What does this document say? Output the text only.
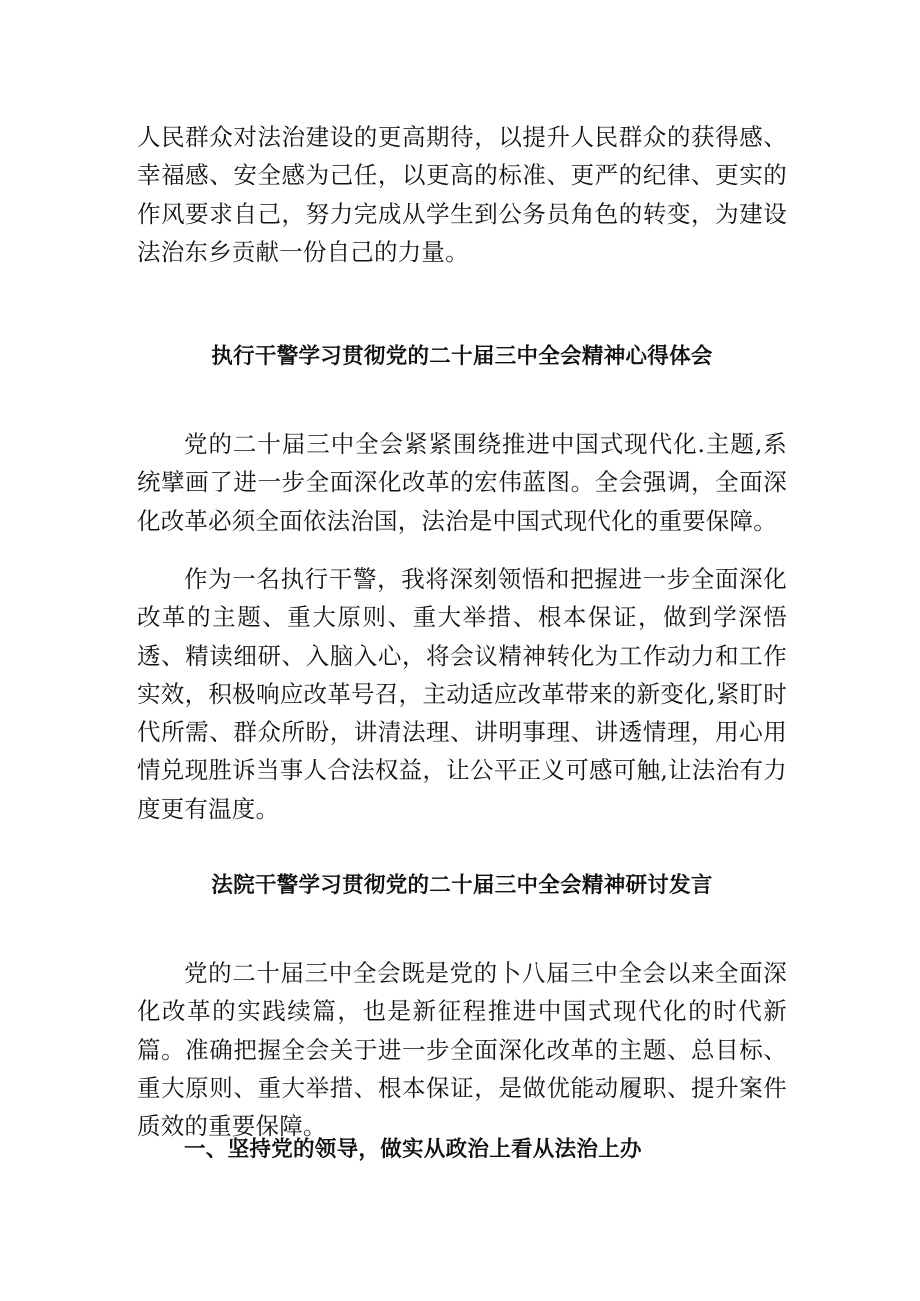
人民群众对法治建设的更高期待，以提升人民群众的获得感、幸福感、安全感为己任，以更高的标准、更严的纪律、更实的作风要求自己，努力完成从学生到公务员角色的转变，为建设法治东乡贡献一份自己的力量。

执行干警学习贯彻党的二十届三中全会精神心得体会

党的二十届三中全会紧紧围绕推进中国式现代化.主题,系统擘画了进一步全面深化改革的宏伟蓝图。全会强调，全面深化改革必须全面依法治国，法治是中国式现代化的重要保障。

作为一名执行干警，我将深刻领悟和把握进一步全面深化改革的主题、重大原则、重大举措、根本保证，做到学深悟透、精读细研、入脑入心，将会议精神转化为工作动力和工作实效，积极响应改革号召，主动适应改革带来的新变化,紧盯时代所需、群众所盼，讲清法理、讲明事理、讲透情理，用心用情兑现胜诉当事人合法权益，让公平正义可感可触,让法治有力度更有温度。

法院干警学习贯彻党的二十届三中全会精神研讨发言

党的二十届三中全会既是党的卜八届三中全会以来全面深化改革的实践续篇，也是新征程推进中国式现代化的时代新篇。准确把握全会关于进一步全面深化改革的主题、总目标、重大原则、重大举措、根本保证，是做优能动履职、提升案件质效的重要保障。

一、坚持党的领导，做实从政治上看从法治上办
